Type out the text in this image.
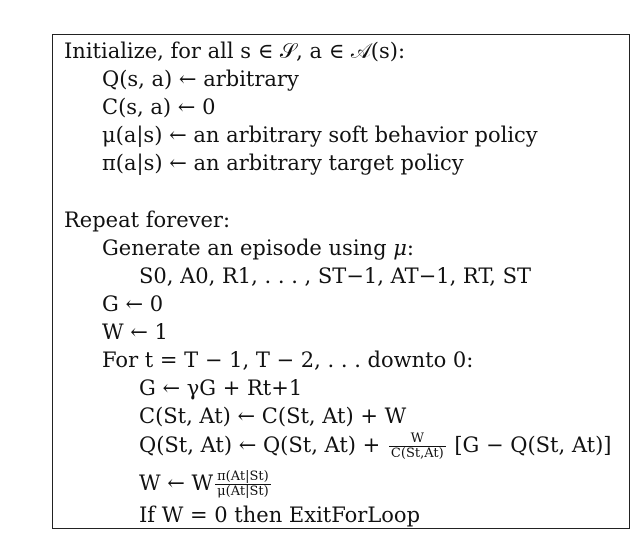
Initialize, for all s ∈ 𝒮, a ∈ 𝒜(s):
Q(s, a) ← arbitrary
C(s, a) ← 0
μ(a|s) ← an arbitrary soft behavior policy
π(a|s) ← an arbitrary target policy
Repeat forever:
Generate an episode using μ:
S0, A0, R1, . . . , ST−1, AT−1, RT, ST
G ← 0
W ← 1
For t = T − 1, T − 2, . . . downto 0:
G ← γG + Rt+1
C(St, At) ← C(St, At) + W
Q(St, At) ← Q(St, $At) + \frac{W}{C(St,At)} [G - Q(St$, At)]
W ← W $\frac{\pi(At|St)}{\mu(At|St)}$
If W = 0 then ExitForLoop
